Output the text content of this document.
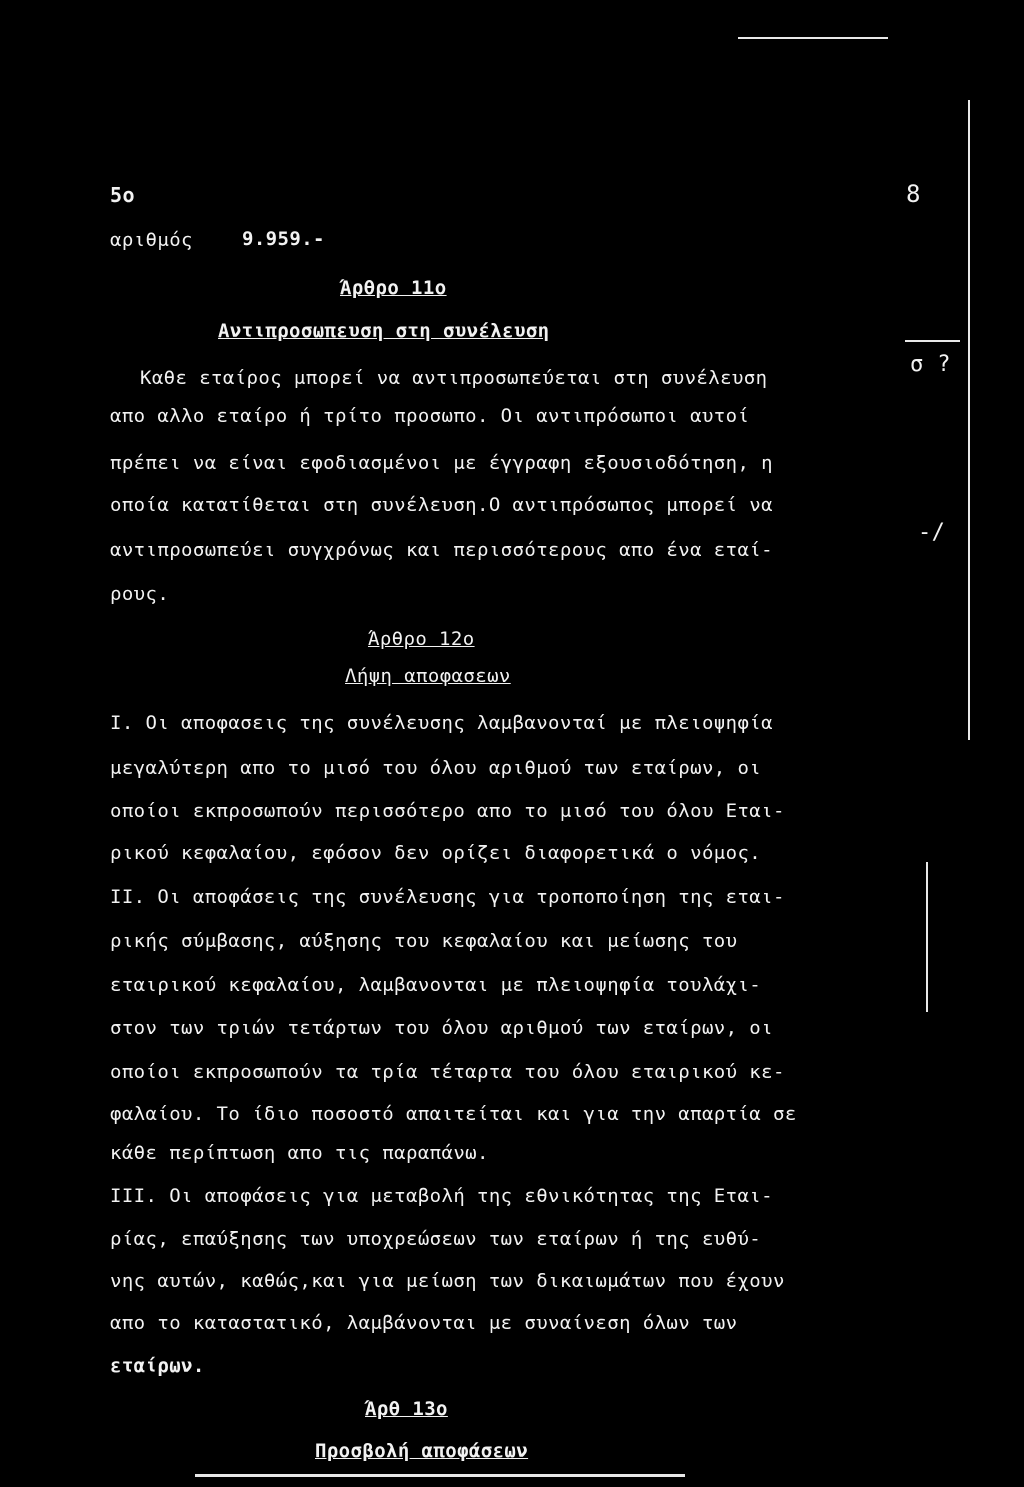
5o	8
αριθμός	9.959.-
σ ?
-/
Άρθρο 11ο
Αντιπροσωπευση στη συνέλευση
Καθε εταίρος μπορεί να αντιπροσωπεύεται στη συνέλευση
απο αλλο εταίρο ή τρίτο προσωπο. Οι αντιπρόσωποι αυτοί
πρέπει να είναι εφοδιασμένοι με έγγραφη εξουσιοδότηση, η
οποία κατατίθεται στη συνέλευση.Ο αντιπρόσωπος μπορεί να
αντιπροσωπεύει συγχρόνως και περισσότερους απο ένα εταί-
ρους.
Άρθρο 12ο
Λήψη αποφασεων
I. Οι αποφασεις της συνέλευσης λαμβανονταί με πλειοψηφία
μεγαλύτερη απο το μισό του όλου αριθμού των εταίρων, οι
οποίοι εκπροσωπούν περισσότερο απο το μισό του όλου Εται-
ρικού κεφαλαίου, εφόσον δεν ορίζει διαφορετικά ο νόμος.
II. Οι αποφάσεις της συνέλευσης για τροποποίηση της εται-
ρικής σύμβασης, αύξησης του κεφαλαίου και μείωσης του
εταιρικού κεφαλαίου, λαμβανονται με πλειοψηφία τουλάχι-
στον των τριών τετάρτων του όλου αριθμού των εταίρων, οι
οποίοι εκπροσωπούν τα τρία τέταρτα του όλου εταιρικού κε-
φαλαίου. Το ίδιο ποσοστό απαιτείται και για την απαρτία σε
κάθε περίπτωση απο τις παραπάνω.
III. Οι αποφάσεις για μεταβολή της εθνικότητας της Εται-
ρίας, επαύξησης των υποχρεώσεων των εταίρων ή της ευθύ-
νης αυτών, καθώς,και για μείωση των δικαιωμάτων που έχουν
απο το καταστατικό, λαμβάνονται με συναίνεση όλων των
εταίρων.
Άρθ 13ο
Προσβολή αποφάσεων
